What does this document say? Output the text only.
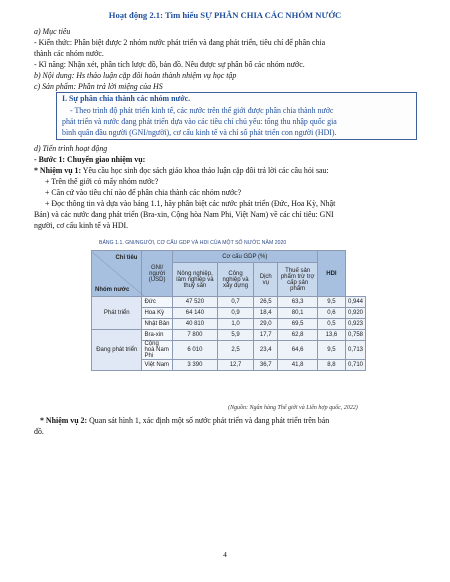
Hoạt động 2.1: Tìm hiểu SỰ PHÂN CHIA CÁC NHÓM NƯỚC
a) Mục tiêu
- Kiến thức: Phân biệt được 2 nhóm nước phát triển và đang phát triển, tiêu chí để phân chia
thành các nhóm nước.
- Kĩ năng: Nhận xét, phân tích lược đồ, bản đồ. Nêu được sự phân bố các nhóm nước.
b) Nội dung: Hs thảo luận cặp đôi hoàn thành nhiệm vụ học tập
c) Sản phẩm: Phần trả lời miệng của HS
I. Sự phân chia thành các nhóm nước.
- Theo trình độ phát triển kinh tế, các nước trên thế giới được phân chia thành nước
phát triển và nước đang phát triển dựa vào các tiêu chí chủ yếu: tổng thu nhập quốc gia
bình quân đầu người (GNI/người), cơ cấu kinh tế và chỉ số phát triển con người (HDI).
d) Tiến trình hoạt động
- Bước 1: Chuyển giao nhiệm vụ:
* Nhiệm vụ 1: Yêu cầu học sinh đọc sách giáo khoa thảo luận cặp đôi trả lời các câu hỏi sau:
+ Trên thế giới có mấy nhóm nước?
+ Căn cứ vào tiêu chí nào để phân chia thành các nhóm nước?
+ Đọc thông tin và dựa vào bảng 1.1, hãy phân biệt các nước phát triển (Đức, Hoa Kỳ, Nhật
Bản) và các nước đang phát triển (Bra-xin, Cộng hòa Nam Phi, Việt Nam) về các chỉ tiêu: GNI
người, cơ cấu kinh tế và HDI.
BẢNG 1.1. GNI/NGƯỜI, CƠ CẤU GDP VÀ HDI CỦA MỘT SỐ NƯỚC NĂM 2020
Chỉ tiêu
Nhóm nước	GNI/ người (USD)	Cơ cấu GDP (%)				HDI	
		Nông nghiệp, lâm nghiệp và thuỷ sản	Công nghiệp và xây dựng	Dịch vụ	Thuế sản phẩm trừ trợ cấp sản phẩm		
Phát triển	Đức	47 520	0,7	26,5	63,3	9,5	0,944
	Hoa Kỳ	64 140	0,9	18,4	80,1	0,6	0,920
	Nhật Bản	40 810	1,0	29,0	69,5	0,5	0,923
Đang phát triển	Bra-xin	7 800	5,9	17,7	62,8	13,6	0,758
	Cộng hoà Nam Phi	6 010	2,5	23,4	64,6	9,5	0,713
	Việt Nam	3 390	12,7	36,7	41,8	8,8	0,710
(Nguồn: Ngân hàng Thế giới và Liên hợp quốc, 2022)
* Nhiệm vụ 2: Quan sát hình 1, xác định một số nước phát triển và đang phát triển trên bản
đồ.
4
